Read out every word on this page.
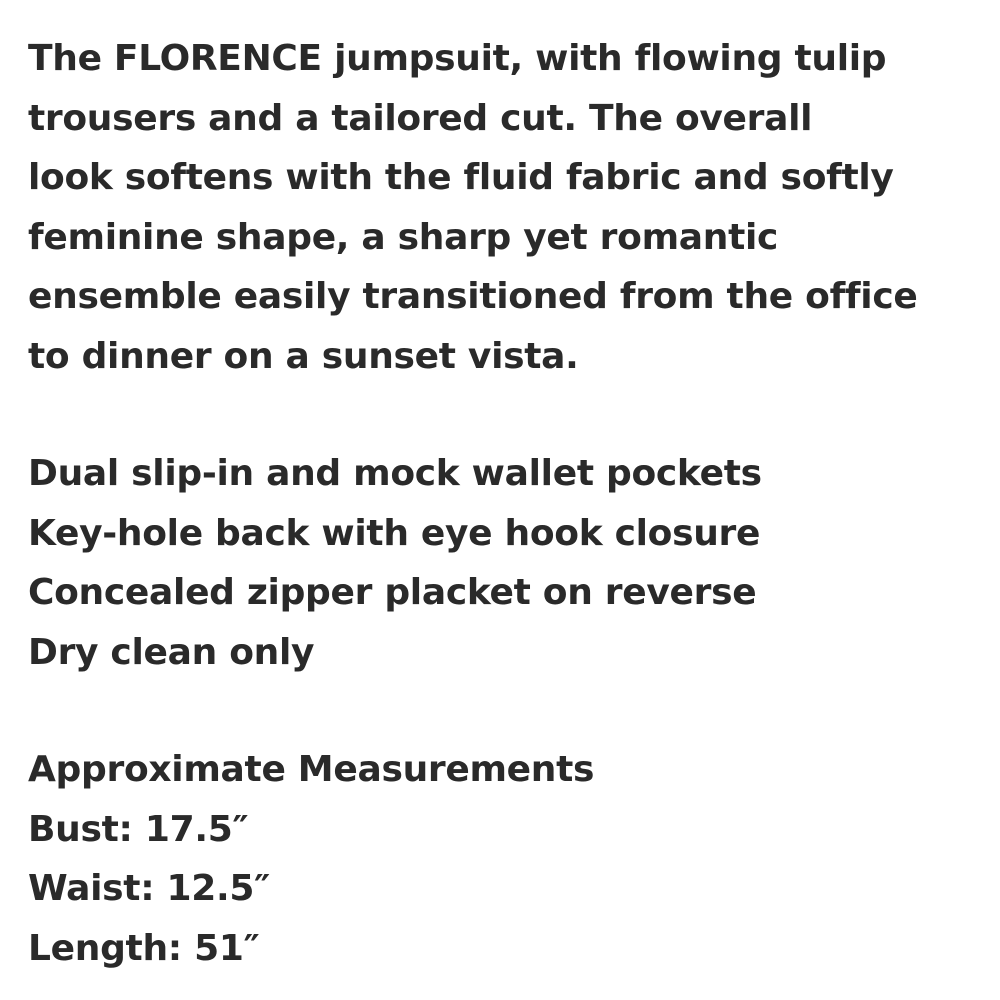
The FLORENCE jumpsuit, with flowing tulip
trousers and a tailored cut. The overall
look softens with the fluid fabric and softly
feminine shape, a sharp yet romantic
ensemble easily transitioned from the office
to dinner on a sunset vista.

Dual slip-in and mock wallet pockets
Key-hole back with eye hook closure
Concealed zipper placket on reverse
Dry clean only
Approximate Measurements
Bust: 17.5″
Waist: 12.5″
Length: 51″
